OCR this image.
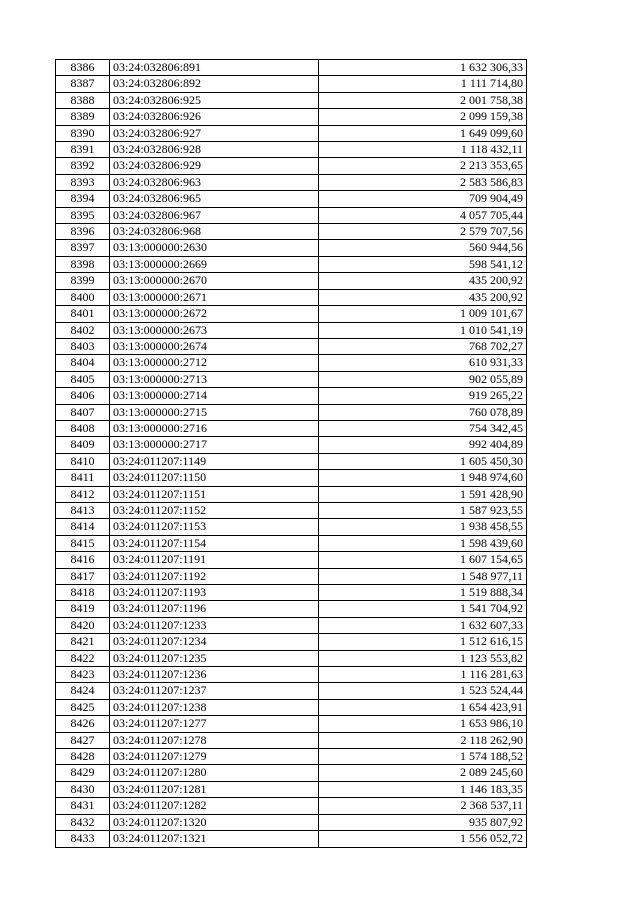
8386	03:24:032806:891	1 632 306,33
8387	03:24:032806:892	1 111 714,80
8388	03:24:032806:925	2 001 758,38
8389	03:24:032806:926	2 099 159,38
8390	03:24:032806:927	1 649 099,60
8391	03:24:032806:928	1 118 432,11
8392	03:24:032806:929	2 213 353,65
8393	03:24:032806:963	2 583 586,83
8394	03:24:032806:965	709 904,49
8395	03:24:032806:967	4 057 705,44
8396	03:24:032806:968	2 579 707,56
8397	03:13:000000:2630	560 944,56
8398	03:13:000000:2669	598 541,12
8399	03:13:000000:2670	435 200,92
8400	03:13:000000:2671	435 200,92
8401	03:13:000000:2672	1 009 101,67
8402	03:13:000000:2673	1 010 541,19
8403	03:13:000000:2674	768 702,27
8404	03:13:000000:2712	610 931,33
8405	03:13:000000:2713	902 055,89
8406	03:13:000000:2714	919 265,22
8407	03:13:000000:2715	760 078,89
8408	03:13:000000:2716	754 342,45
8409	03:13:000000:2717	992 404,89
8410	03:24:011207:1149	1 605 450,30
8411	03:24:011207:1150	1 948 974,60
8412	03:24:011207:1151	1 591 428,90
8413	03:24:011207:1152	1 587 923,55
8414	03:24:011207:1153	1 938 458,55
8415	03:24:011207:1154	1 598 439,60
8416	03:24:011207:1191	1 607 154,65
8417	03:24:011207:1192	1 548 977,11
8418	03:24:011207:1193	1 519 888,34
8419	03:24:011207:1196	1 541 704,92
8420	03:24:011207:1233	1 632 607,33
8421	03:24:011207:1234	1 512 616,15
8422	03:24:011207:1235	1 123 553,82
8423	03:24:011207:1236	1 116 281,63
8424	03:24:011207:1237	1 523 524,44
8425	03:24:011207:1238	1 654 423,91
8426	03:24:011207:1277	1 653 986,10
8427	03:24:011207:1278	2 118 262,90
8428	03:24:011207:1279	1 574 188,52
8429	03:24:011207:1280	2 089 245,60
8430	03:24:011207:1281	1 146 183,35
8431	03:24:011207:1282	2 368 537,11
8432	03:24:011207:1320	935 807,92
8433	03:24:011207:1321	1 556 052,72
